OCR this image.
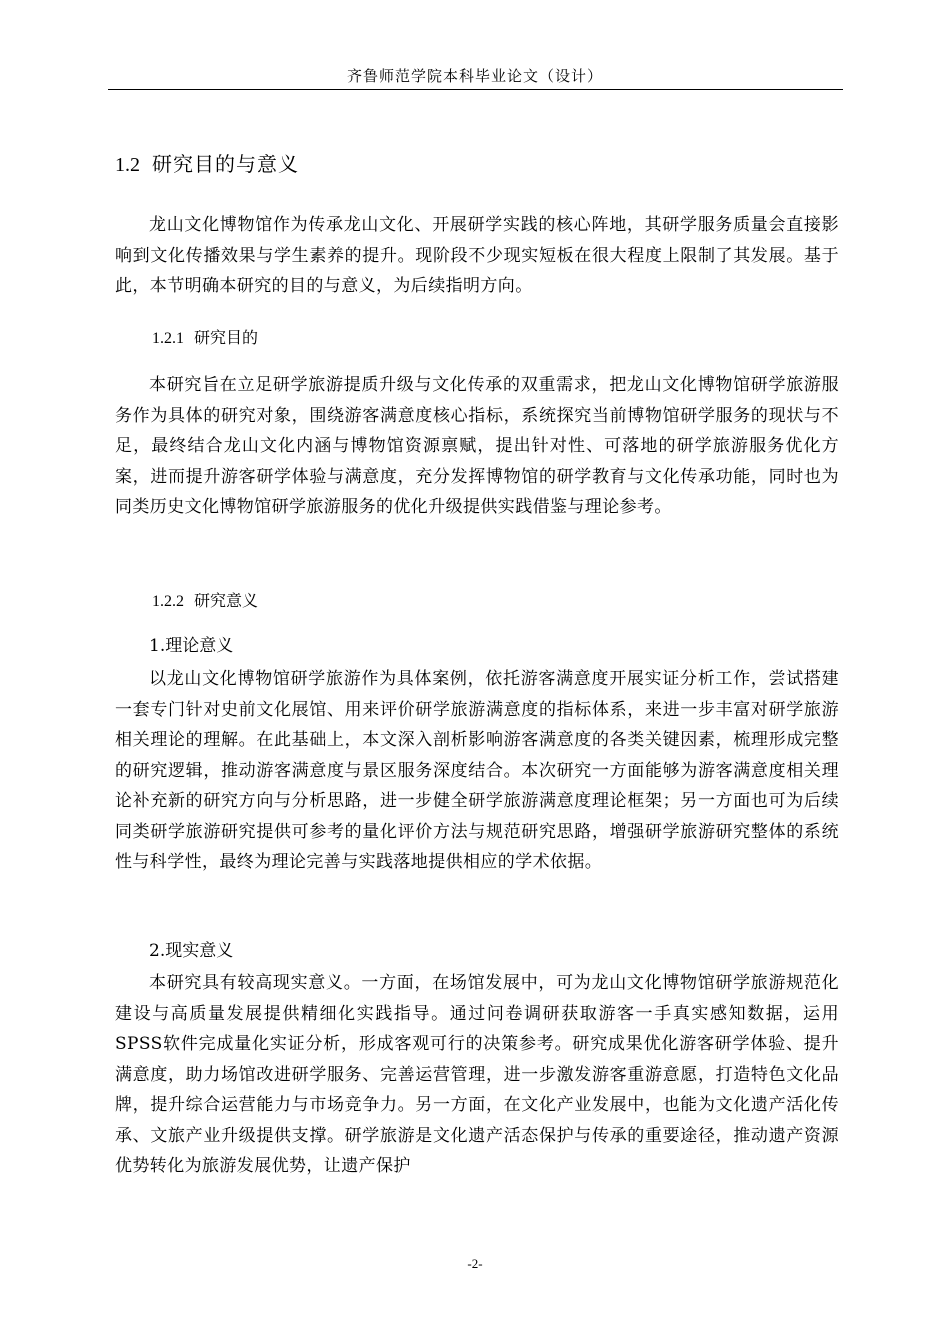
齐鲁师范学院本科毕业论文（设计）
1.2 研究目的与意义

龙山文化博物馆作为传承龙山文化、开展研学实践的核心阵地，其研学服务质量会直接影响到文化传播效果与学生素养的提升。现阶段不少现实短板在很大程度上限制了其发展。基于此，本节明确本研究的目的与意义，为后续指明方向。

1.2.1 研究目的

本研究旨在立足研学旅游提质升级与文化传承的双重需求，把龙山文化博物馆研学旅游服务作为具体的研究对象，围绕游客满意度核心指标，系统探究当前博物馆研学服务的现状与不足，最终结合龙山文化内涵与博物馆资源禀赋，提出针对性、可落地的研学旅游服务优化方案，进而提升游客研学体验与满意度，充分发挥博物馆的研学教育与文化传承功能，同时也为同类历史文化博物馆研学旅游服务的优化升级提供实践借鉴与理论参考。

1.2.2 研究意义
1.理论意义

以龙山文化博物馆研学旅游作为具体案例，依托游客满意度开展实证分析工作，尝试搭建一套专门针对史前文化展馆、用来评价研学旅游满意度的指标体系，来进一步丰富对研学旅游相关理论的理解。在此基础上，本文深入剖析影响游客满意度的各类关键因素，梳理形成完整的研究逻辑，推动游客满意度与景区服务深度结合。本次研究一方面能够为游客满意度相关理论补充新的研究方向与分析思路，进一步健全研学旅游满意度理论框架；另一方面也可为后续同类研学旅游研究提供可参考的量化评价方法与规范研究思路，增强研学旅游研究整体的系统性与科学性，最终为理论完善与实践落地提供相应的学术依据。

2.现实意义

本研究具有较高现实意义。一方面，在场馆发展中，可为龙山文化博物馆研学旅游规范化建设与高质量发展提供精细化实践指导。通过问卷调研获取游客一手真实感知数据，运用SPSS软件完成量化实证分析，形成客观可行的决策参考。研究成果优化游客研学体验、提升满意度，助力场馆改进研学服务、完善运营管理，进一步激发游客重游意愿，打造特色文化品牌，提升综合运营能力与市场竞争力。另一方面，在文化产业发展中，也能为文化遗产活化传承、文旅产业升级提供支撑。研学旅游是文化遗产活态保护与传承的重要途径，推动遗产资源优势转化为旅游发展优势，让遗产保护

-2-
